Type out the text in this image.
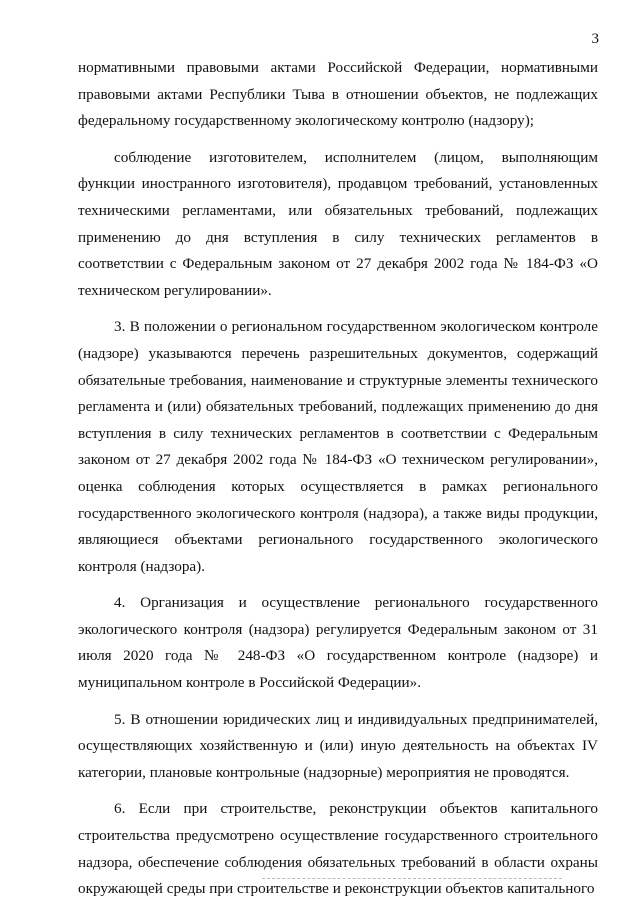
3

нормативными правовыми актами Российской Федерации, нормативными правовыми актами Республики Тыва в отношении объектов, не подлежащих федеральному государственному экологическому контролю (надзору);

соблюдение изготовителем, исполнителем (лицом, выполняющим функции иностранного изготовителя), продавцом требований, установленных техническими регламентами, или обязательных требований, подлежащих применению до дня вступления в силу технических регламентов в соответствии с Федеральным законом от 27 декабря 2002 года № 184-ФЗ «О техническом регулировании».

3. В положении о региональном государственном экологическом контроле (надзоре) указываются перечень разрешительных документов, содержащий обязательные требования, наименование и структурные элементы технического регламента и (или) обязательных требований, подлежащих применению до дня вступления в силу технических регламентов в соответствии с Федеральным законом от 27 декабря 2002 года № 184-ФЗ «О техническом регулировании», оценка соблюдения которых осуществляется в рамках регионального государственного экологического контроля (надзора), а также виды продукции, являющиеся объектами регионального государственного экологического контроля (надзора).

4. Организация и осуществление регионального государственного экологического контроля (надзора) регулируется Федеральным законом от 31 июля 2020 года № 248-ФЗ «О государственном контроле (надзоре) и муниципальном контроле в Российской Федерации».

5. В отношении юридических лиц и индивидуальных предпринимателей, осуществляющих хозяйственную и (или) иную деятельность на объектах IV категории, плановые контрольные (надзорные) мероприятия не проводятся.

6. Если при строительстве, реконструкции объектов капитального строительства предусмотрено осуществление государственного строительного надзора, обеспечение соблюдения обязательных требований в области охраны окружающей среды при строительстве и реконструкции объектов капитального
